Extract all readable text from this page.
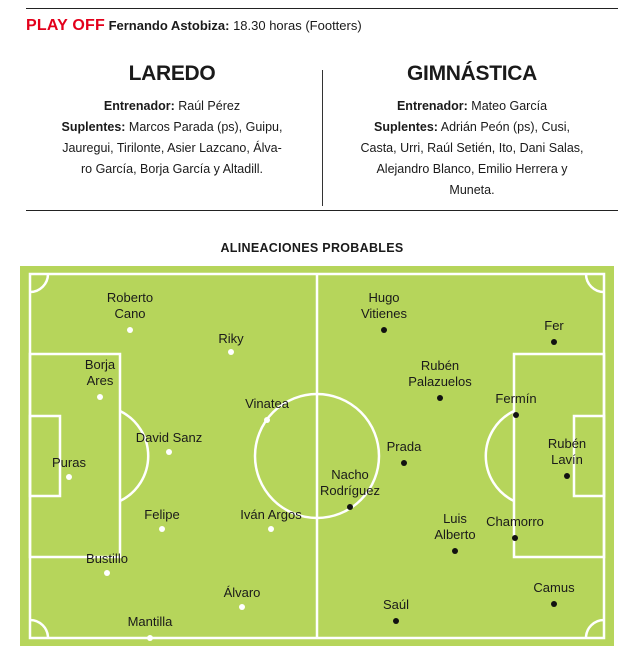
PLAY OFF Fernando Astobiza: 18.30 horas (Footters)
LAREDO

Entrenador: Raúl Pérez

Suplentes: Marcos Parada (ps), Guipu,

Jauregui, Tirilonte, Asier Lazcano, Álva-

ro García, Borja García y Altadill.

GIMNÁSTICA

Entrenador: Mateo García

Suplentes: Adrián Peón (ps), Cusi,

Casta, Urri, Raúl Setién, Ito, Dani Salas,

Alejandro Blanco, Emilio Herrera y

Muneta.

ALINEACIONES PROBABLES
Roberto
Cano
Riky
Borja
Ares
Vinatea
David Sanz
Puras
Felipe	Iván Argos
Bustillo
Álvaro
Mantilla
Hugo
Vitienes
Fer
Rubén
Palazuelos
Fermín
Prada	Rubén
Lavín
Nacho
Rodríguez
Luis
Alberto
Chamorro
Camus
Saúl
